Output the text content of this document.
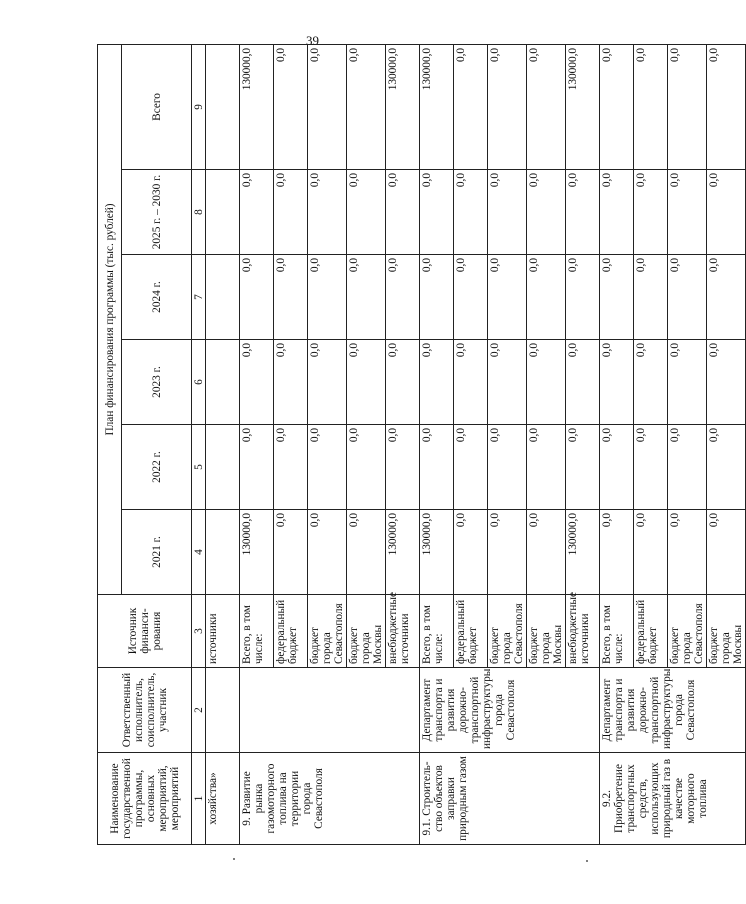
39
Наименование государственной программы, основных мероприятий, мероприятий	Ответственный исполнитель, соисполнитель, участник	Источник финанси-рования	План финансирования программы (тыс. рублей)					
			2021 г.	2022 г.	2023 г.	2024 г.	2025 г. – 2030 г.	Всего
1	2	3	4	5	6	7	8	9
хозяйства»		источники						
9. Развитие рынка газомоторного топлива на территории города Севастополя		Всего, в том числе:	130000,0	0,0	0,0	0,0	0,0	130000,0
		федеральный бюджет	0,0	0,0	0,0	0,0	0,0	0,0
		бюджет города Севастополя	0,0	0,0	0,0	0,0	0,0	0,0
		бюджет города Москвы	0,0	0,0	0,0	0,0	0,0	0,0
		внебюджетные источники	130000,0	0,0	0,0	0,0	0,0	130000,0
9.1. Строитель-ство объектов заправки природным газом	Департамент транспорта и развития дорожно-транспортной инфраструктуры города Севастополя	Всего, в том числе:	130000,0	0,0	0,0	0,0	0,0	130000,0
		федеральный бюджет	0,0	0,0	0,0	0,0	0,0	0,0
		бюджет города Севастополя	0,0	0,0	0,0	0,0	0,0	0,0
		бюджет города Москвы	0,0	0,0	0,0	0,0	0,0	0,0
		внебюджетные источники	130000,0	0,0	0,0	0,0	0,0	130000,0
9.2. Приобретение транспортных средств, использующих природный газ в качестве моторного топлива	Департамент транспорта и развития дорожно-транспортной инфраструктуры города Севастополя	Всего, в том числе:	0,0	0,0	0,0	0,0	0,0	0,0
		федеральный бюджет	0,0	0,0	0,0	0,0	0,0	0,0
		бюджет города Севастополя	0,0	0,0	0,0	0,0	0,0	0,0
		бюджет города Москвы	0,0	0,0	0,0	0,0	0,0	0,0
